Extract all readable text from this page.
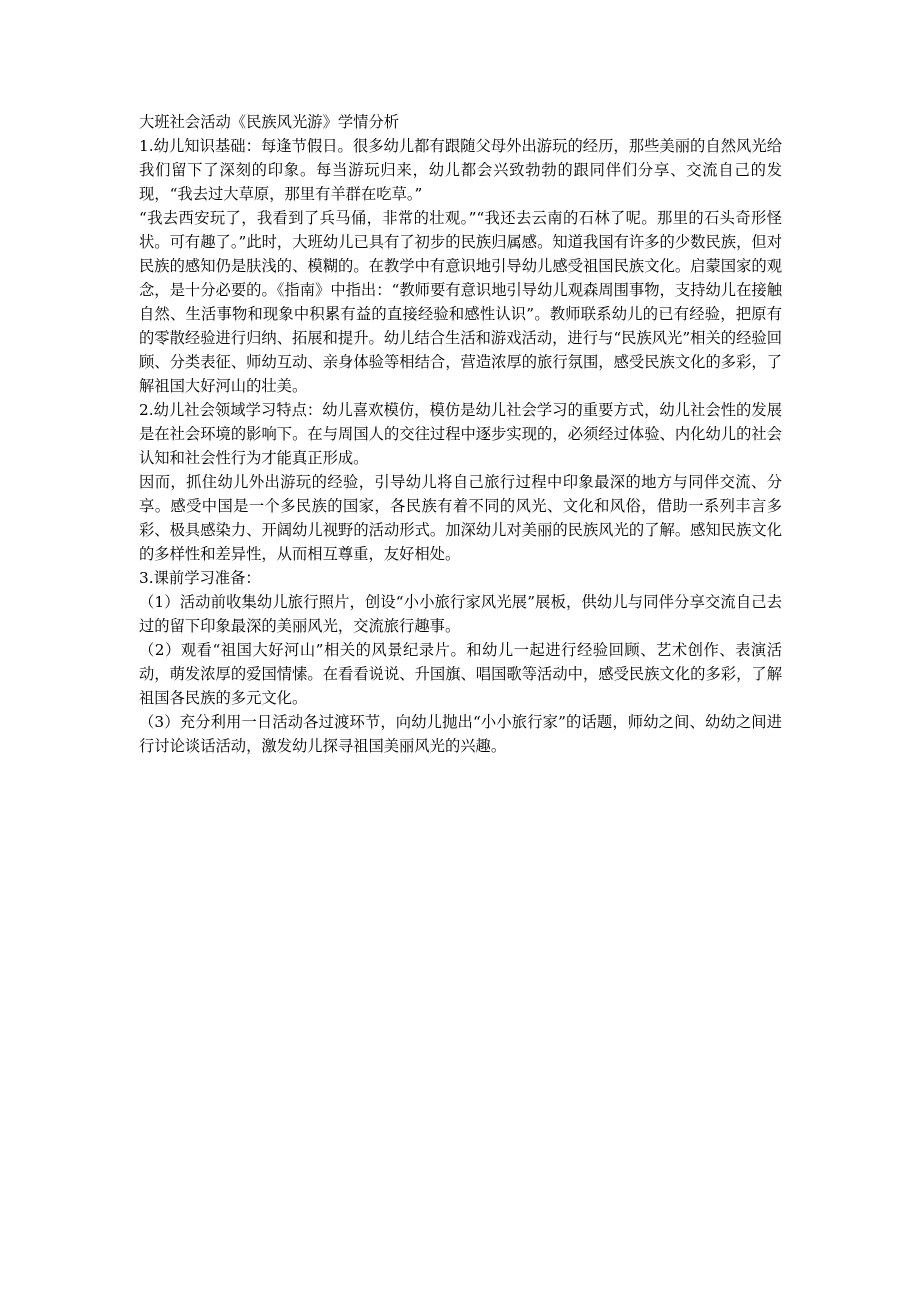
大班社会活动《民族风光游》学情分析

1.幼儿知识基础：每逢节假日。很多幼儿都有跟随父母外出游玩的经历，那些美丽的自然风光给我们留下了深刻的印象。每当游玩归来，幼儿都会兴致勃勃的跟同伴们分享、交流自己的发现，“我去过大草原，那里有羊群在吃草。”

“我去西安玩了，我看到了兵马俑，非常的壮观。”“我还去云南的石林了呢。那里的石头奇形怪状。可有趣了。”此时，大班幼儿已具有了初步的民族归属感。知道我国有许多的少数民族，但对民族的感知仍是肤浅的、模糊的。在教学中有意识地引导幼儿感受祖国民族文化。启蒙国家的观念，是十分必要的。《指南》中指出：“教师要有意识地引导幼儿观森周围事物，支持幼儿在接触自然、生活事物和现象中积累有益的直接经验和感性认识”。教师联系幼儿的已有经验，把原有的零散经验进行归纳、拓展和提升。幼儿结合生活和游戏活动，进行与“民族风光”相关的经验回顾、分类表征、师幼互动、亲身体验等相结合，营造浓厚的旅行氛围，感受民族文化的多彩，了解祖国大好河山的壮美。

2.幼儿社会领域学习特点：幼儿喜欢模仿，模仿是幼儿社会学习的重要方式，幼儿社会性的发展是在社会环境的影响下。在与周国人的交往过程中逐步实现的，必须经过体验、内化幼儿的社会认知和社会性行为才能真正形成。

因而，抓住幼儿外出游玩的经验，引导幼儿将自己旅行过程中印象最深的地方与同伴交流、分享。感受中国是一个多民族的国家，各民族有着不同的风光、文化和风俗，借助一系列丰言多彩、极具感染力、开阔幼儿视野的活动形式。加深幼儿对美丽的民族风光的了解。感知民族文化的多样性和差异性，从而相互尊重，友好相处。

3.课前学习准备：

（1）活动前收集幼儿旅行照片，创设“小小旅行家风光展”展板，供幼儿与同伴分享交流自己去过的留下印象最深的美丽风光，交流旅行趣事。

（2）观看“祖国大好河山”相关的风景纪录片。和幼儿一起进行经验回顾、艺术创作、表演活动，萌发浓厚的爱国情愫。在看看说说、升国旗、唱国歌等活动中，感受民族文化的多彩，了解祖国各民族的多元文化。

（3）充分利用一日活动各过渡环节，向幼儿抛出“小小旅行家”的话题，师幼之间、幼幼之间进行讨论谈话活动，激发幼儿探寻祖国美丽风光的兴趣。
